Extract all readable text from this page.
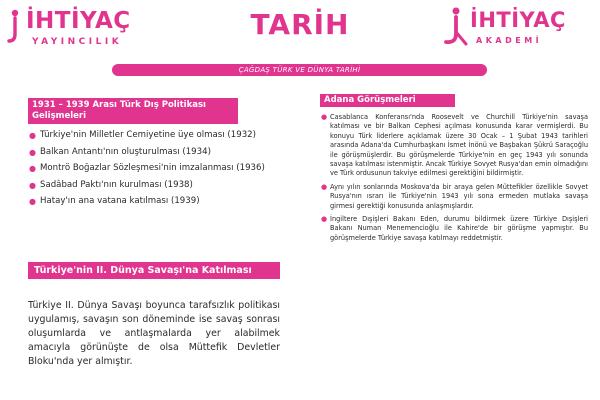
İHTİYAÇ
YAYINCILIK
TARİH	İHTİYAÇ
AKADEMİ
ÇAĞDAŞ TÜRK VE DÜNYA TARİHİ
1931 – 1939 Arası Türk Dış Politikası
Gelişmeleri
● Türkiye'nin Milletler Cemiyetine üye olması (1932)
● Balkan Antantı'nın oluşturulması (1934)
● Montrö Boğazlar Sözleşmesi'nin imzalanması (1936)
● Sadâbad Paktı'nın kurulması (1938)
● Hatay'ın ana vatana katılması (1939)
Türkiye'nin II. Dünya Savaşı'na Katılması

Türkiye II. Dünya Savaşı boyunca tarafsızlık politikası uygulamış, savaşın son döneminde ise savaş sonrası oluşumlarda ve antlaşmalarda yer alabilmek amacıyla görünüşte de olsa Müttefik Devletler Bloku'nda yer almıştır.

Adana Görüşmeleri
● Casablanca Konferansı'nda Roosevelt ve Churchill Türkiye'nin savaşa katılması ve bir Balkan Cephesi açılması konusunda karar vermişlerdi. Bu konuyu Türk liderlere açıklamak üzere 30 Ocak – 1 Şubat 1943 tarihleri arasında Adana'da Cumhurbaşkanı İsmet İnönü ve Başbakan Şükrü Saraçoğlu ile görüşmüşlerdir. Bu görüşmelerde Türkiye'nin en geç 1943 yılı sonunda savaşa katılması istenmiştir. Ancak Türkiye Sovyet Rusya'dan emin olmadığını ve Türk ordusunun takviye edilmesi gerektiğini bildirmiştir.
● Aynı yılın sonlarında Moskova'da bir araya gelen Müttefikler özellikle Sovyet Rusya'nın ısrarı ile Türkiye'nin 1943 yılı sona ermeden mutlaka savaşa girmesi gerektiği konusunda anlaşmışlardır.
● İngiltere Dışişleri Bakanı Eden, durumu bildirmek üzere Türkiye Dışişleri Bakanı Numan Menemencioğlu ile Kahire'de bir görüşme yapmıştır. Bu görüşmelerde Türkiye savaşa katılmayı reddetmiştir.
